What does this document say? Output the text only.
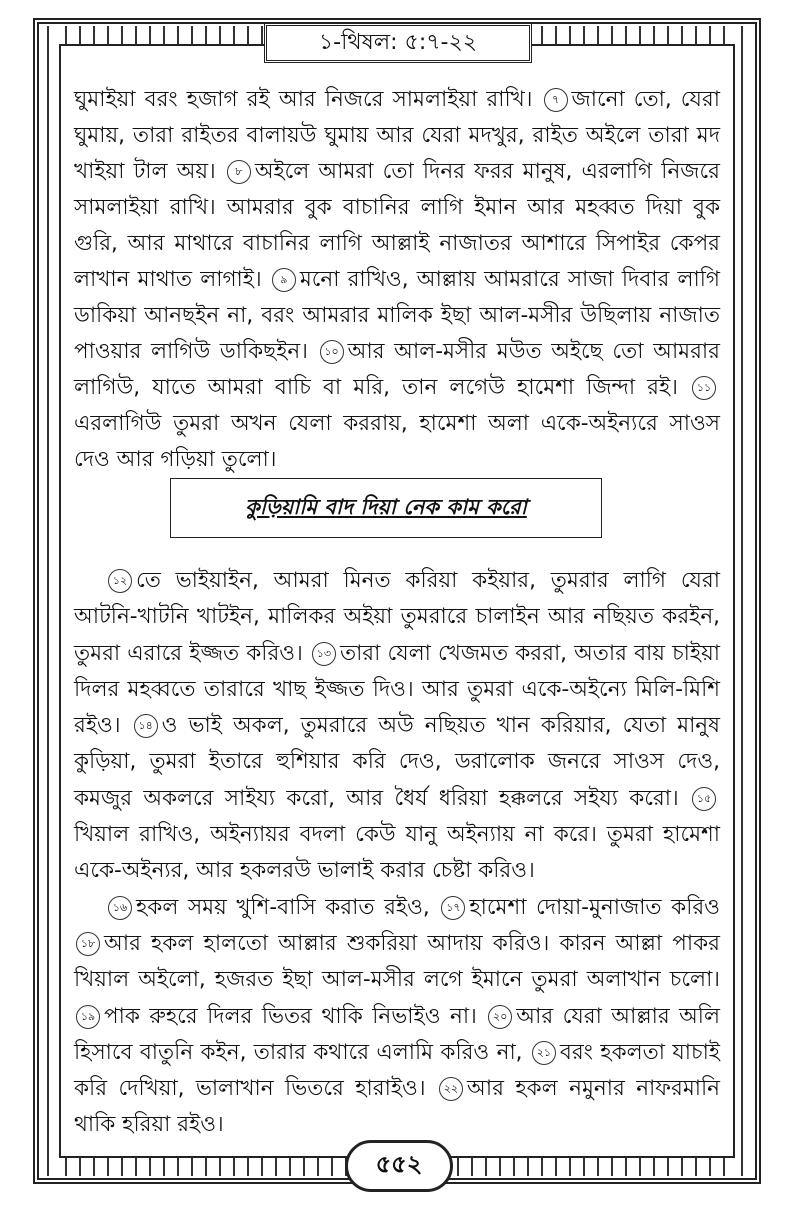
১-থিষল: ৫:৭-২২

ঘুমাইয়া বরং হজাগ রই আর নিজরে সামলাইয়া রাখি। ৭ জানো তো, যেরা ঘুমায়, তারা রাইতর বালায়উ ঘুমায় আর যেরা মদখুর, রাইত অইলে তারা মদ খাইয়া টাল অয়। ৮ অইলে আমরা তো দিনর ফরর মানুষ, এরলাগি নিজরে সামলাইয়া রাখি। আমরার বুক বাচানির লাগি ইমান আর মহব্বত দিয়া বুক গুরি, আর মাথারে বাচানির লাগি আল্লাই নাজাতর আশারে সিপাইর কেপর লাখান মাথাত লাগাই। ৯ মনো রাখিও, আল্লায় আমরারে সাজা দিবার লাগি ডাকিয়া আনছইন না, বরং আমরার মালিক ইছা আল-মসীর উছিলায় নাজাত পাওয়ার লাগিউ ডাকিছইন। ১০ আর আল-মসীর মউত অইছে তো আমরার লাগিউ, যাতে আমরা বাচি বা মরি, তান লগেউ হামেশা জিন্দা রই। ১১এরলাগিউ তুমরা অখন যেলা কররায়, হামেশা অলা একে-অইন্যরে সাওস দেও আর গড়িয়া তুলো।

কুড়িয়ামি বাদ দিয়া নেক কাম করো

১২ তে ভাইয়াইন, আমরা মিনত করিয়া কইয়ার, তুমরার লাগি যেরা আটনি-খাটনি খাটইন, মালিকর অইয়া তুমরারে চালাইন আর নছিয়ত করইন, তুমরা এরারে ইজ্জত করিও। ১৩ তারা যেলা খেজমত কররা, অতার বায় চাইয়া দিলর মহব্বতে তারারে খাছ ইজ্জত দিও। আর তুমরা একে-অইন্যে মিলি-মিশি রইও। ১৪ ও ভাই অকল, তুমরারে অউ নছিয়ত খান করিয়ার, যেতা মানুষ কুড়িয়া, তুমরা ইতারে হুশিয়ার করি দেও, ডরালোক জনরে সাওস দেও, কমজুর অকলরে সাইয্য করো, আর ধৈর্য ধরিয়া হক্কলরে সইয্য করো। ১৫খিয়াল রাখিও, অইন্যায়র বদলা কেউ যানু অইন্যায় না করে। তুমরা হামেশা একে-অইন্যর, আর হকলরউ ভালাই করার চেষ্টা করিও।

১৬ হকল সময় খুশি-বাসি করাত রইও, ১৭ হামেশা দোয়া-মুনাজাত করিও ১৮ আর হকল হালতো আল্লার শুকরিয়া আদায় করিও। কারন আল্লা পাকর খিয়াল অইলো, হজরত ইছা আল-মসীর লগে ইমানে তুমরা অলাখান চলো। ১৯ পাক রুহরে দিলর ভিতর থাকি নিভাইও না। ২০ আর যেরা আল্লার অলি হিসাবে বাতুনি কইন, তারার কথারে এলামি করিও না, ২১ বরং হকলতা যাচাই করি দেখিয়া, ভালাখান ভিতরে হারাইও। ২২ আর হকল নমুনার নাফরমানি থাকি হরিয়া রইও।

৫৫২
